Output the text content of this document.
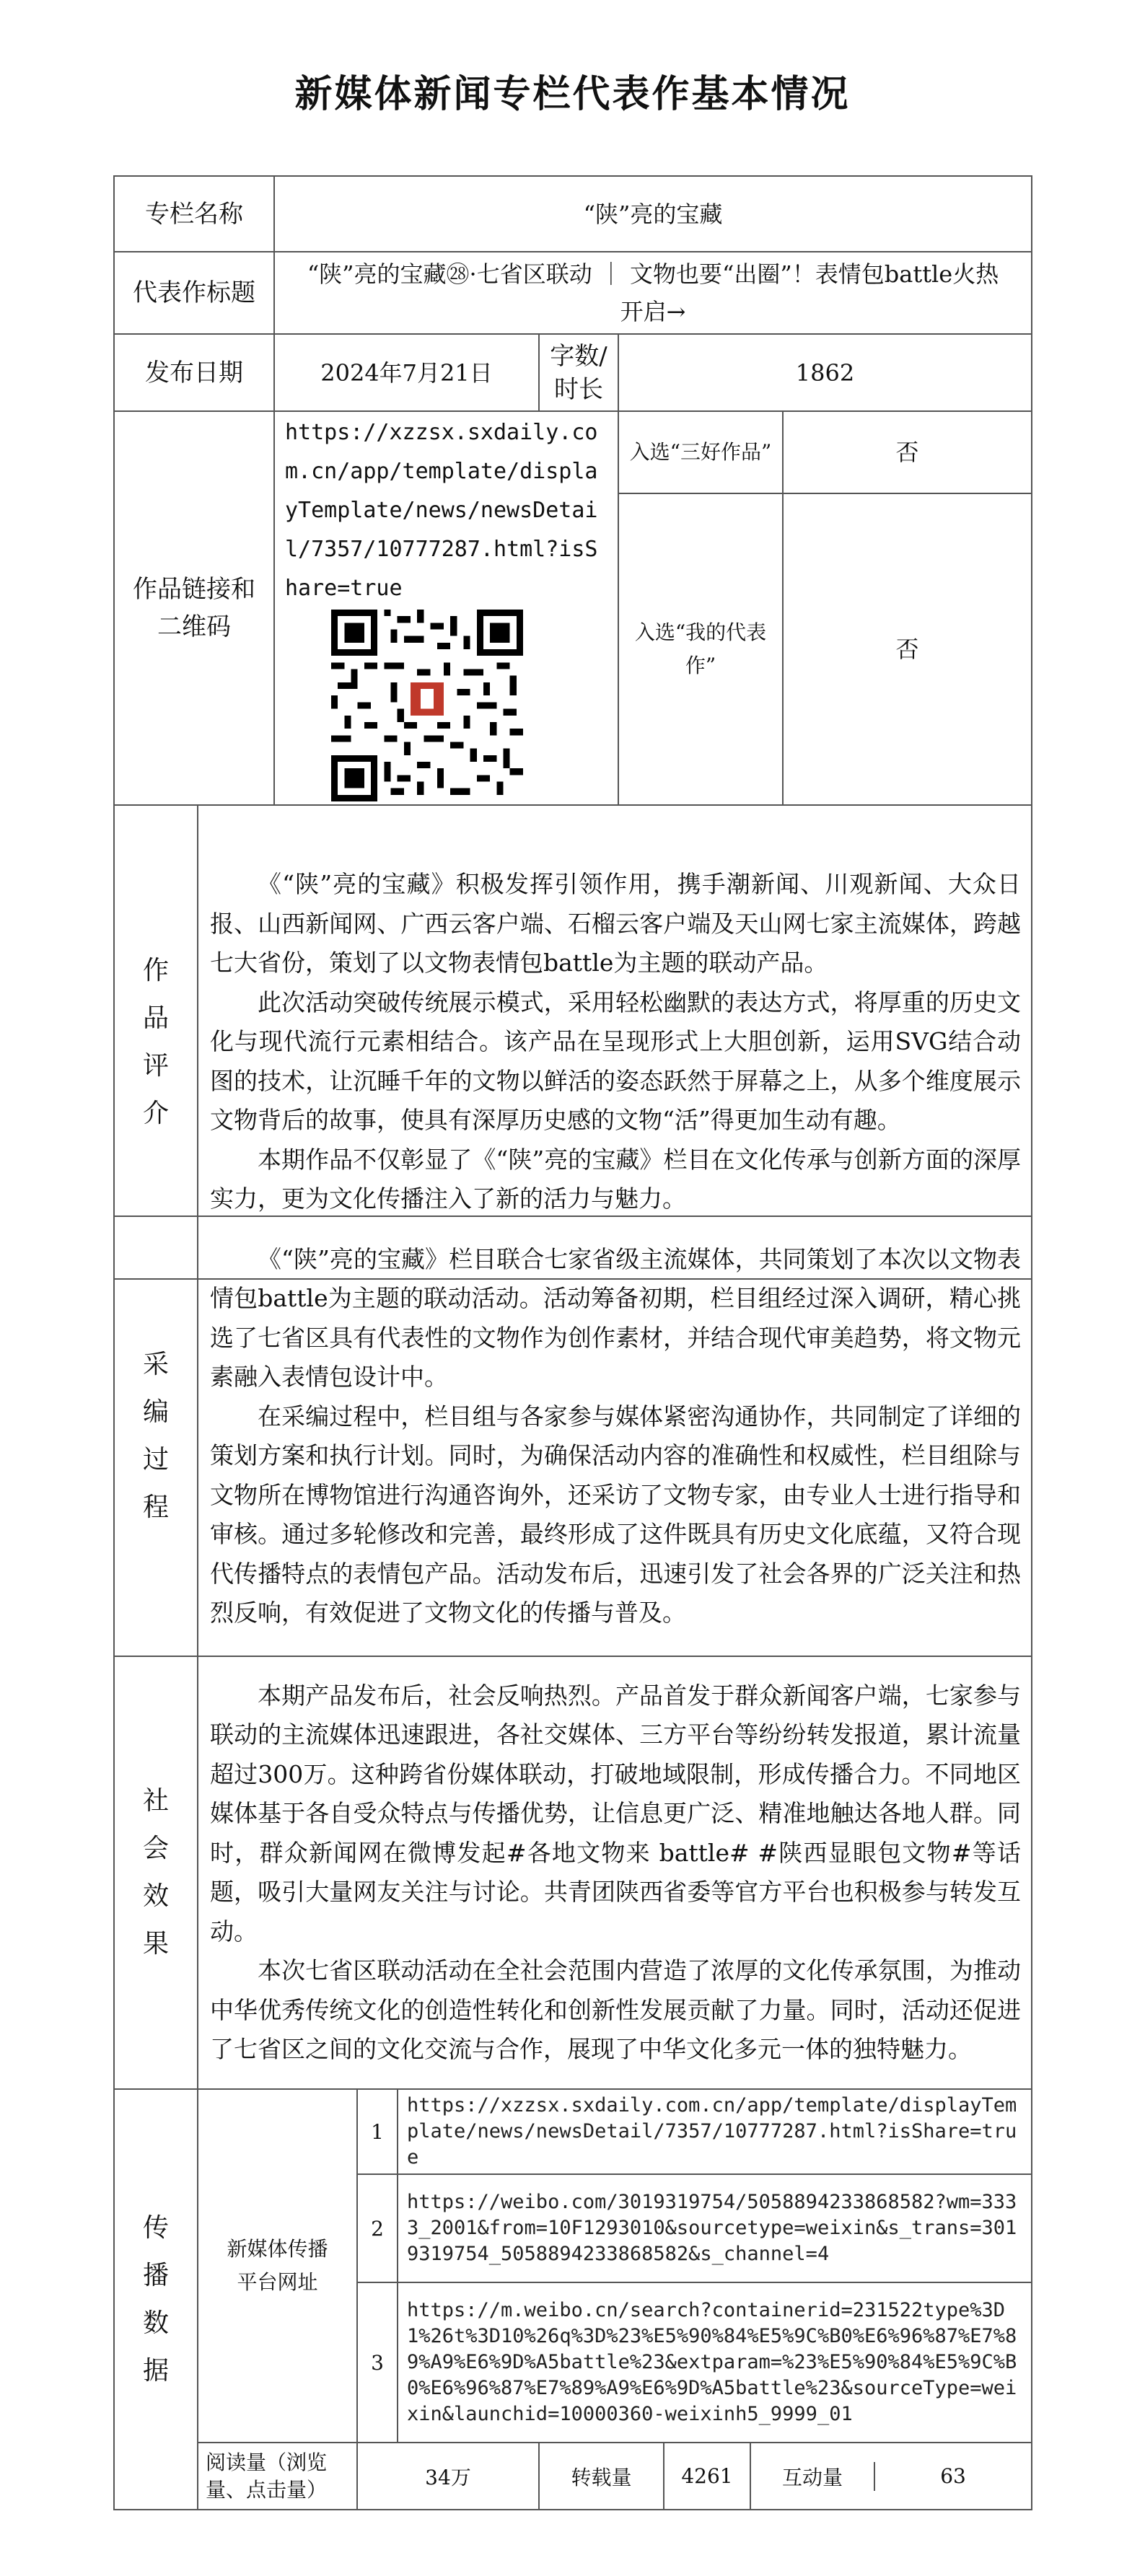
新媒体新闻专栏代表作基本情况
专栏名称		“陕”亮的宝藏			
代表作标题		“陕”亮的宝藏㉘·七省区联动 ｜ 文物也要“出圈”！表情包battle火热开启→			
发布日期		2024年7月21日	字数/时长	1862	
作品链接和二维码		https://xzzsx.sxdaily.com.cn/app/template/displayTemplate/news/newsDetail/7357/10777287.html?isShare=true		入选“三好作品”	否
				入选“我的代表作”	否
作品评介	《“陕”亮的宝藏》积极发挥引领作用，携手潮新闻、川观新闻、大众日报、山西新闻网、广西云客户端、石榴云客户端及天山网七家主流媒体，跨越七大省份，策划了以文物表情包battle为主题的联动产品。

此次活动突破传统展示模式，采用轻松幽默的表达方式，将厚重的历史文化与现代流行元素相结合。该产品在呈现形式上大胆创新，运用SVG结合动图的技术，让沉睡千年的文物以鲜活的姿态跃然于屏幕之上，从多个维度展示文物背后的故事，使具有深厚历史感的文物“活”得更加生动有趣。

本期作品不仅彰显了《“陕”亮的宝藏》栏目在文化传承与创新方面的深厚实力，更为文化传播注入了新的活力与魅力。				

采编过程	《“陕”亮的宝藏》栏目联合七家省级主流媒体，共同策划了本次以文物表情包battle为主题的联动活动。活动筹备初期，栏目组经过深入调研，精心挑选了七省区具有代表性的文物作为创作素材，并结合现代审美趋势，将文物元素融入表情包设计中。

在采编过程中，栏目组与各家参与媒体紧密沟通协作，共同制定了详细的策划方案和执行计划。同时，为确保活动内容的准确性和权威性，栏目组除与文物所在博物馆进行沟通咨询外，还采访了文物专家，由专业人士进行指导和审核。通过多轮修改和完善，最终形成了这件既具有历史文化底蕴，又符合现代传播特点的表情包产品。活动发布后，迅速引发了社会各界的广泛关注和热烈反响，有效促进了文物文化的传播与普及。					

社会效果	本期产品发布后，社会反响热烈。产品首发于群众新闻客户端，七家参与联动的主流媒体迅速跟进，各社交媒体、三方平台等纷纷转发报道，累计流量超过300万。这种跨省份媒体联动，打破地域限制，形成传播合力。不同地区媒体基于各自受众特点与传播优势，让信息更广泛、精准地触达各地人群。同时，群众新闻网在微博发起#各地文物来 battle# #陕西显眼包文物#等话题，吸引大量网友关注与讨论。共青团陕西省委等官方平台也积极参与转发互动。

本次七省区联动活动在全社会范围内营造了浓厚的文化传承氛围，为推动中华优秀传统文化的创造性转化和创新性发展贡献了力量。同时，活动还促进了七省区之间的文化交流与合作，展现了中华文化多元一体的独特魅力。					

传播数据	新媒体传播平台网址	1	https://xzzsx.sxdaily.com.cn/app/template/displayTemplate/news/newsDetail/7357/10777287.html?isShare=true			
		2	https://weibo.com/3019319754/5058894233868582?wm=3333_2001&from=10F1293010&sourcetype=weixin&s_trans=3019319754_5058894233868582&s_channel=4			
		3	https://m.weibo.cn/search?containerid=231522type%3D1%26t%3D10%26q%3D%23%E5%90%84%E5%9C%B0%E6%96%87%E7%89%A9%E6%9D%A5battle%23&extparam=%23%E5%90%84%E5%9C%B0%E6%96%87%E7%89%A9%E6%9D%A5battle%23&sourceType=weixin&launchid=10000360-weixinh5_9999_01			
	阅读量（浏览量、点击量）	34万		转载量	4261	互动量 63
